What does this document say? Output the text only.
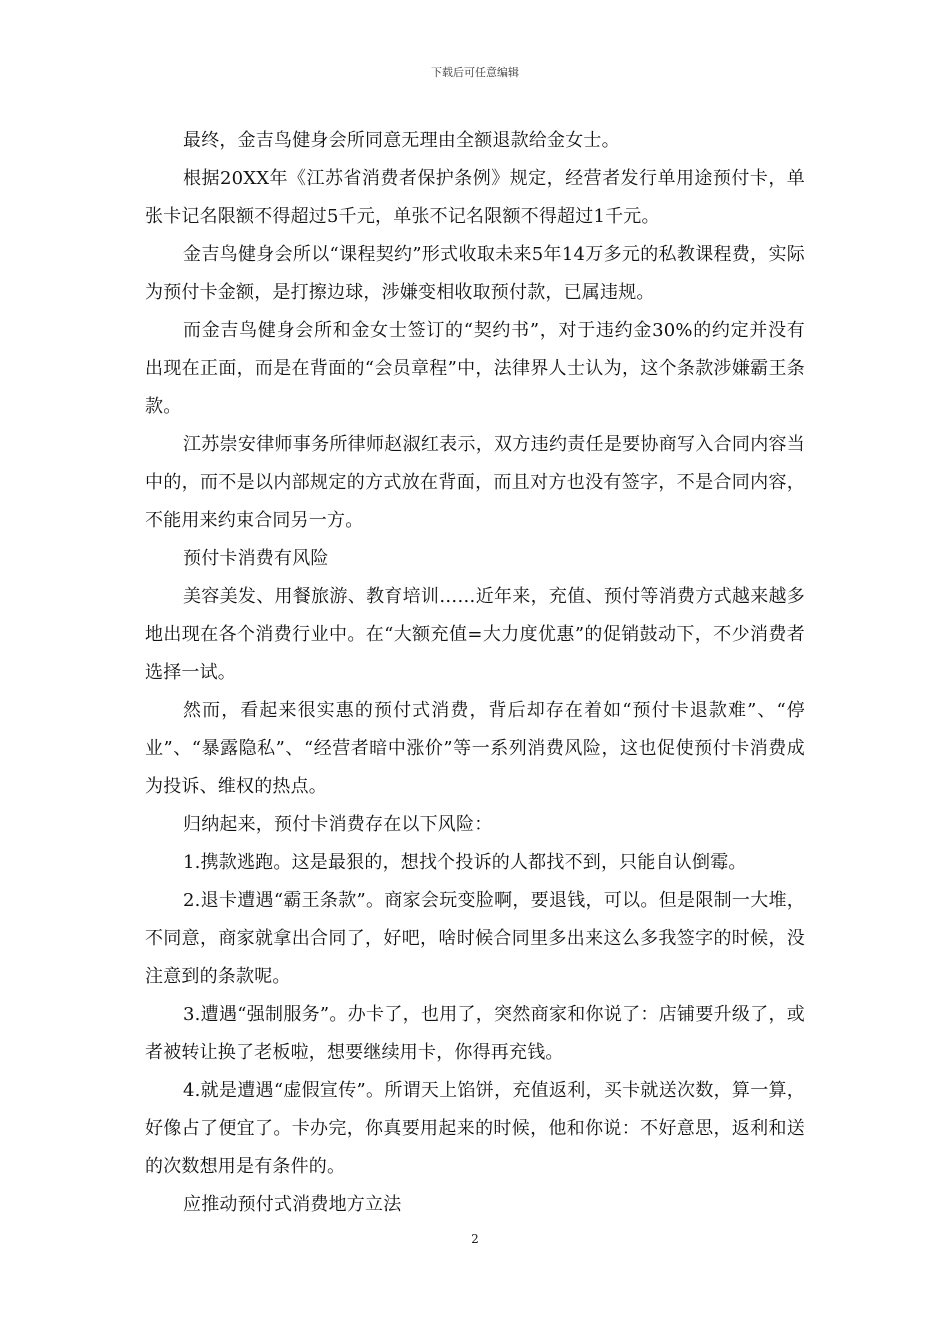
下载后可任意编辑

最终，金吉鸟健身会所同意无理由全额退款给金女士。

根据20XX年《江苏省消费者保护条例》规定，经营者发行单用途预付卡，单张卡记名限额不得超过5千元，单张不记名限额不得超过1千元。

金吉鸟健身会所以“课程契约”形式收取未来5年14万多元的私教课程费，实际为预付卡金额，是打擦边球，涉嫌变相收取预付款，已属违规。

而金吉鸟健身会所和金女士签订的“契约书”，对于违约金30%的约定并没有出现在正面，而是在背面的“会员章程”中，法律界人士认为，这个条款涉嫌霸王条款。

江苏崇安律师事务所律师赵淑红表示，双方违约责任是要协商写入合同内容当中的，而不是以内部规定的方式放在背面，而且对方也没有签字，不是合同内容，不能用来约束合同另一方。

预付卡消费有风险

美容美发、用餐旅游、教育培训……近年来，充值、预付等消费方式越来越多地出现在各个消费行业中。在“大额充值=大力度优惠”的促销鼓动下，不少消费者选择一试。

然而，看起来很实惠的预付式消费，背后却存在着如“预付卡退款难”、“停业”、“暴露隐私”、“经营者暗中涨价”等一系列消费风险，这也促使预付卡消费成为投诉、维权的热点。

归纳起来，预付卡消费存在以下风险：

1.携款逃跑。这是最狠的，想找个投诉的人都找不到，只能自认倒霉。

2.退卡遭遇“霸王条款”。商家会玩变脸啊，要退钱，可以。但是限制一大堆，不同意，商家就拿出合同了，好吧，啥时候合同里多出来这么多我签字的时候，没注意到的条款呢。

3.遭遇“强制服务”。办卡了，也用了，突然商家和你说了：店铺要升级了，或者被转让换了老板啦，想要继续用卡，你得再充钱。

4.就是遭遇“虚假宣传”。所谓天上馅饼，充值返利，买卡就送次数，算一算，好像占了便宜了。卡办完，你真要用起来的时候，他和你说：不好意思，返利和送的次数想用是有条件的。

应推动预付式消费地方立法

2
